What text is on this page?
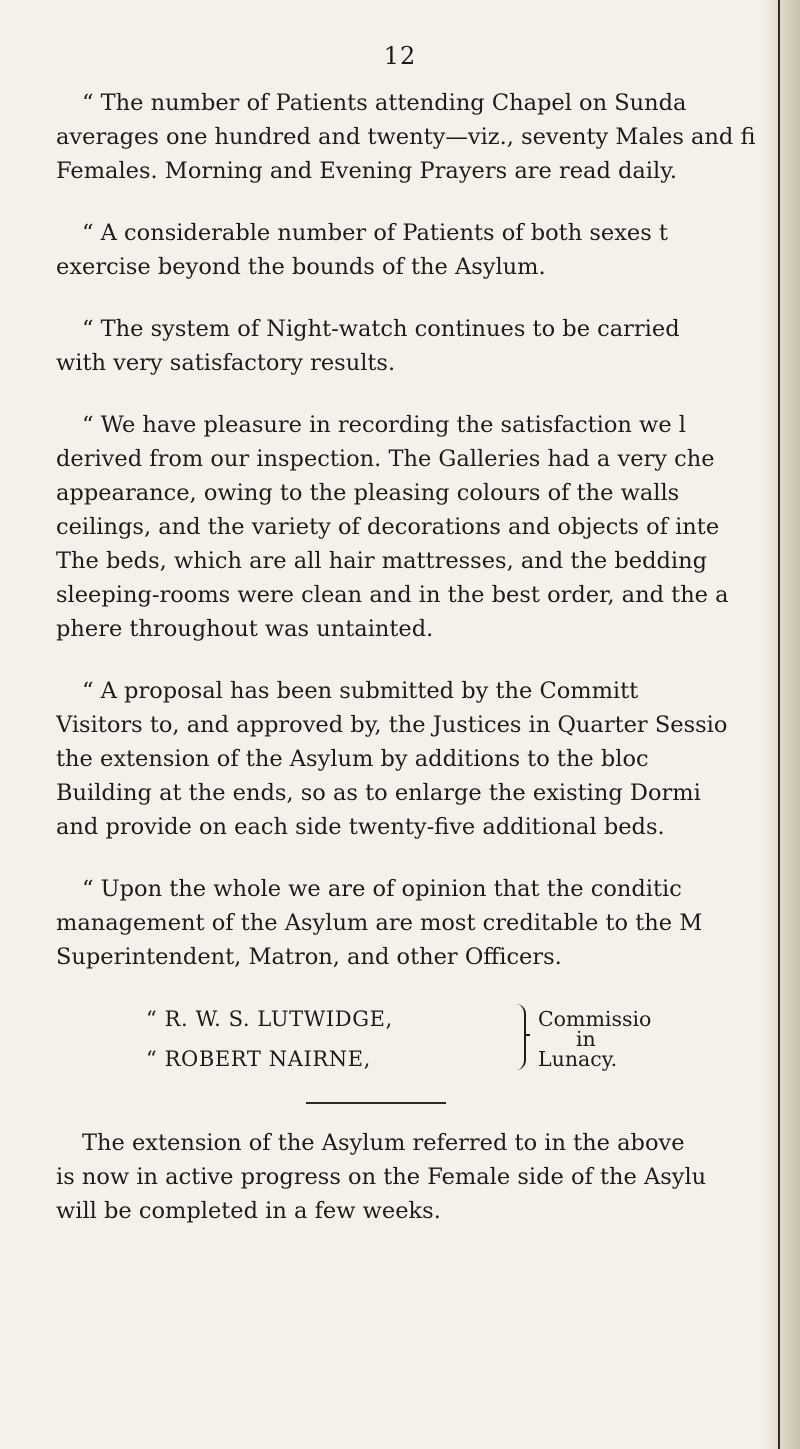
12
“ The number of Patients attending Chapel on Sunda
averages one hundred and twenty—viz., seventy Males and fi
Females. Morning and Evening Prayers are read daily.
“ A considerable number of Patients of both sexes t
exercise beyond the bounds of the Asylum.
“ The system of Night-watch continues to be carried
with very satisfactory results.
“ We have pleasure in recording the satisfaction we l
derived from our inspection. The Galleries had a very che
appearance, owing to the pleasing colours of the walls
ceilings, and the variety of decorations and objects of inte
The beds, which are all hair mattresses, and the bedding
sleeping-rooms were clean and in the best order, and the a
phere throughout was untainted.
“ A proposal has been submitted by the Committ
Visitors to, and approved by, the Justices in Quarter Sessio
the extension of the Asylum by additions to the bloc
Building at the ends, so as to enlarge the existing Dormi
and provide on each side twenty-five additional beds.
“ Upon the whole we are of opinion that the conditic
management of the Asylum are most creditable to the M
Superintendent, Matron, and other Officers.
“ R. W. S. LUTWIDGE,
“ ROBERT NAIRNE,
Commissio
in
Lunacy.
The extension of the Asylum referred to in the above
is now in active progress on the Female side of the Asylu
will be completed in a few weeks.
